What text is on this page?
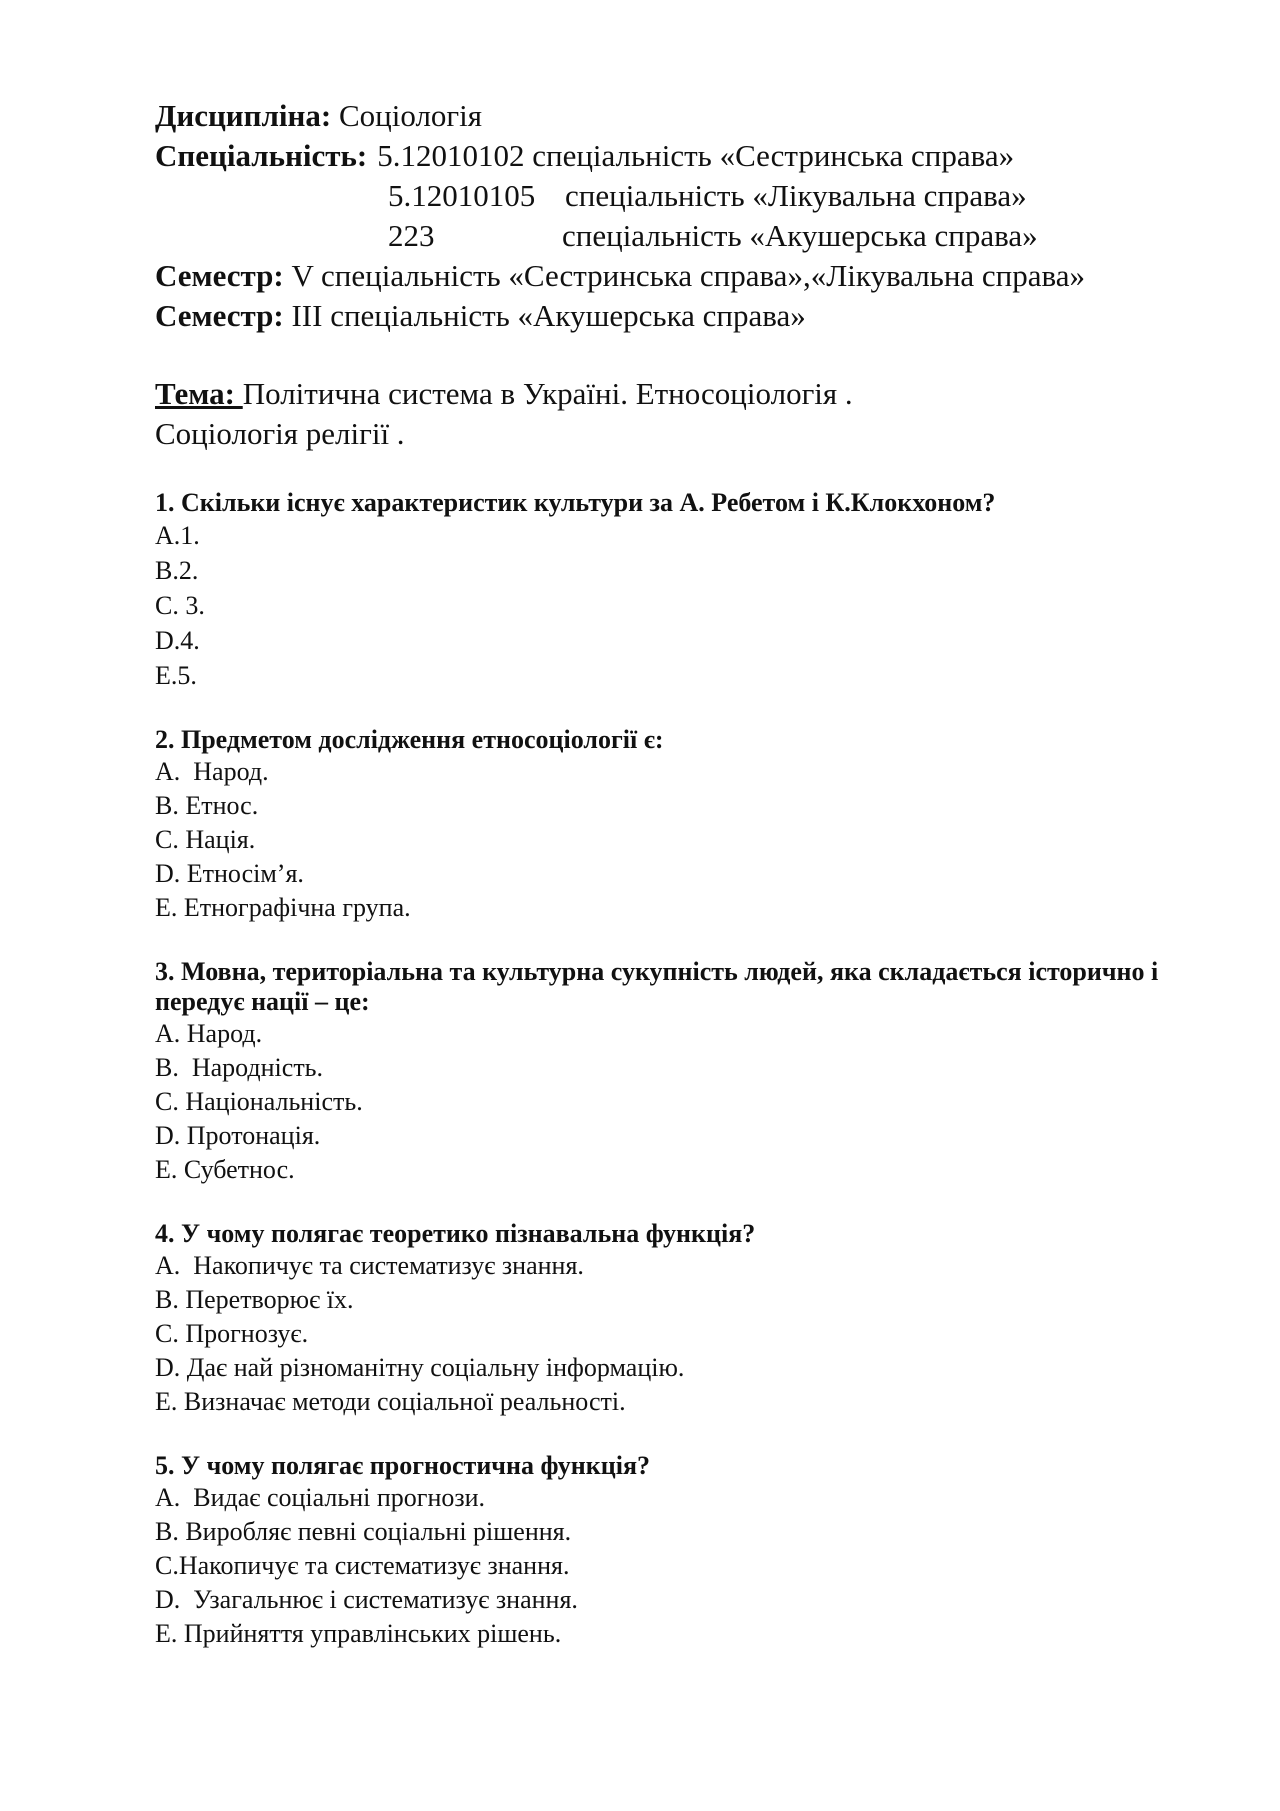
Дисципліна: Соціологія
Спеціальність: 5.12010102 спеціальність «Сестринська справа»
5.12010105 спеціальність «Лікувальна справа»
223	спеціальність «Акушерська справа»
Семестр: V спеціальність «Сестринська справа»,«Лікувальна справа»
Семестр: III спеціальність «Акушерська справа»
Тема: Політична система в Україні. Етносоціологія .
Соціологія релігії .
1. Скільки існує характеристик культури за А. Ребетом і К.Клокхоном?
A.1.
B.2.
C. 3.
D.4.
E.5.
2. Предметом дослідження етносоціології є:
A.  Народ.
B. Етнос.
C. Нація.
D. Етносім’я.
E. Етнографічна група.
3. Мовна, територіальна та культурна сукупність людей, яка складається історично і передує нації – це:
A. Народ.
B.  Народність.
C. Національність.
D. Протонація.
E. Субетнос.
4. У чому полягає теоретико пізнавальна функція?
A.  Накопичує та систематизує знання.
B. Перетворює їх.
C. Прогнозує.
D. Дає най різноманітну соціальну інформацію.
E. Визначає методи соціальної реальності.
5. У чому полягає прогностична функція?
A.  Видає соціальні прогнози.
B. Виробляє певні соціальні рішення.
C.Накопичує та систематизує знання.
D.  Узагальнює і систематизує знання.
E. Прийняття управлінських рішень.
